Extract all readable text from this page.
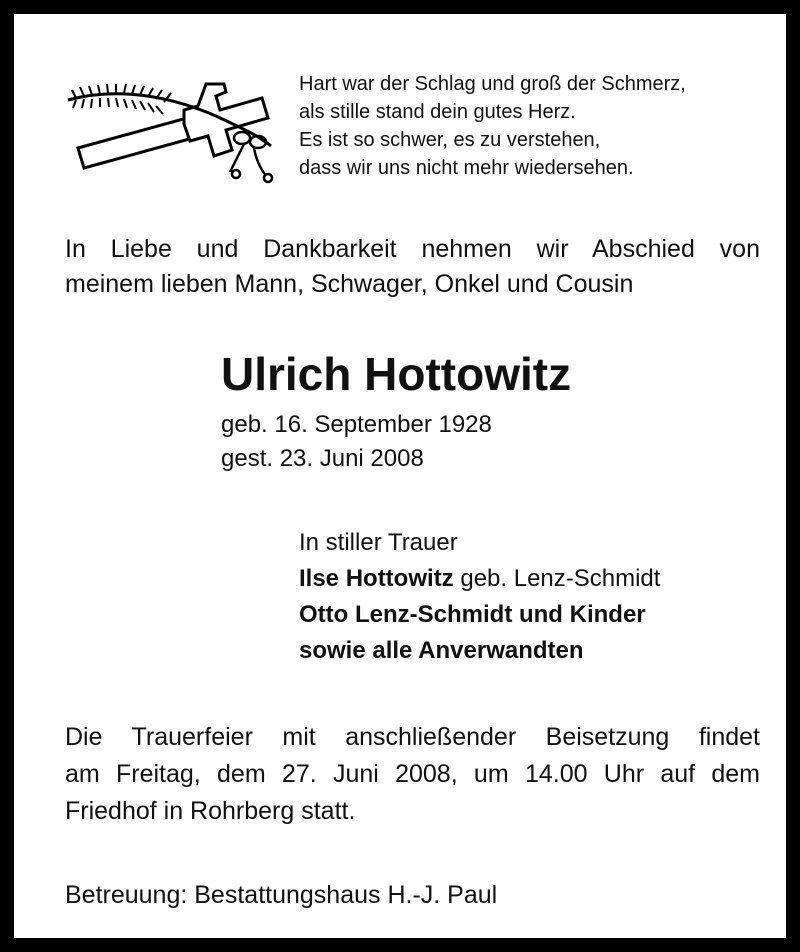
Hart war der Schlag und groß der Schmerz,
als stille stand dein gutes Herz.
Es ist so schwer, es zu verstehen,
dass wir uns nicht mehr wiedersehen.
In Liebe und Dankbarkeit nehmen wir Abschied von
meinem lieben Mann, Schwager, Onkel und Cousin
Ulrich Hottowitz
geb. 16. September 1928
gest. 23. Juni 2008
In stiller Trauer
Ilse Hottowitz geb. Lenz-Schmidt
Otto Lenz-Schmidt und Kinder
sowie alle Anverwandten
Die Trauerfeier mit anschließender Beisetzung findet
am Freitag, dem 27. Juni 2008, um 14.00 Uhr auf dem
Friedhof in Rohrberg statt.
Betreuung: Bestattungshaus H.-J. Paul
